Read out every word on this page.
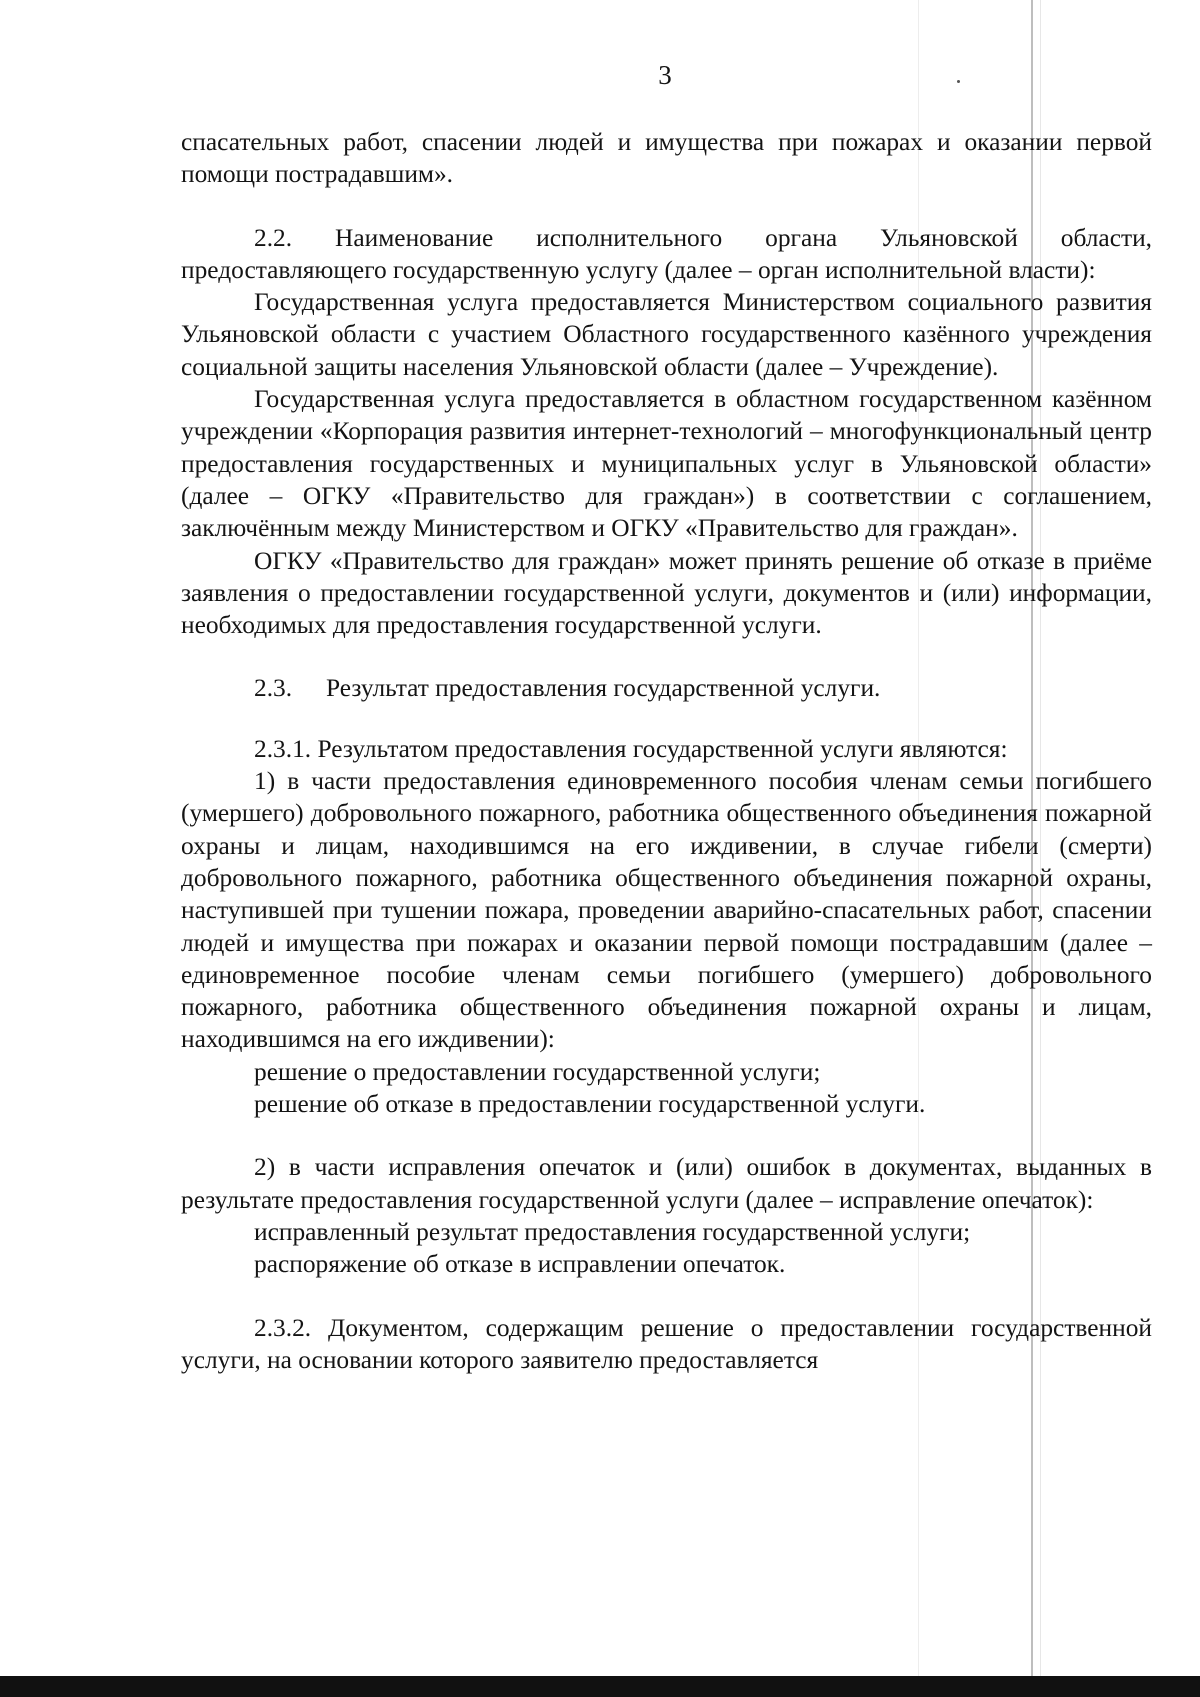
3

спасательных работ, спасении людей и имущества при пожарах и оказании первой помощи пострадавшим».

2.2. Наименование исполнительного органа Ульяновской области, предоставляющего государственную услугу (далее – орган исполнительной власти):

Государственная услуга предоставляется Министерством социального развития Ульяновской области с участием Областного государственного казённого учреждения социальной защиты населения Ульяновской области (далее – Учреждение).

Государственная услуга предоставляется в областном государственном казённом учреждении «Корпорация развития интернет-технологий – многофункциональный центр предоставления государственных и муниципальных услуг в Ульяновской области» (далее – ОГКУ «Правительство для граждан») в соответствии с соглашением, заключённым между Министерством и ОГКУ «Правительство для граждан».

ОГКУ «Правительство для граждан» может принять решение об отказе в приёме заявления о предоставлении государственной услуги, документов и (или) информации, необходимых для предоставления государственной услуги.

2.3. Результат предоставления государственной услуги.

2.3.1. Результатом предоставления государственной услуги являются:

1) в части предоставления единовременного пособия членам семьи погибшего (умершего) добровольного пожарного, работника общественного объединения пожарной охраны и лицам, находившимся на его иждивении, в случае гибели (смерти) добровольного пожарного, работника общественного объединения пожарной охраны, наступившей при тушении пожара, проведении аварийно-спасательных работ, спасении людей и имущества при пожарах и оказании первой помощи пострадавшим (далее – единовременное пособие членам семьи погибшего (умершего) добровольного пожарного, работника общественного объединения пожарной охраны и лицам, находившимся на его иждивении):

решение о предоставлении государственной услуги;

решение об отказе в предоставлении государственной услуги.

2) в части исправления опечаток и (или) ошибок в документах, выданных в результате предоставления государственной услуги (далее – исправление опечаток):

исправленный результат предоставления государственной услуги;

распоряжение об отказе в исправлении опечаток.

2.3.2. Документом, содержащим решение о предоставлении государственной услуги, на основании которого заявителю предоставляется
